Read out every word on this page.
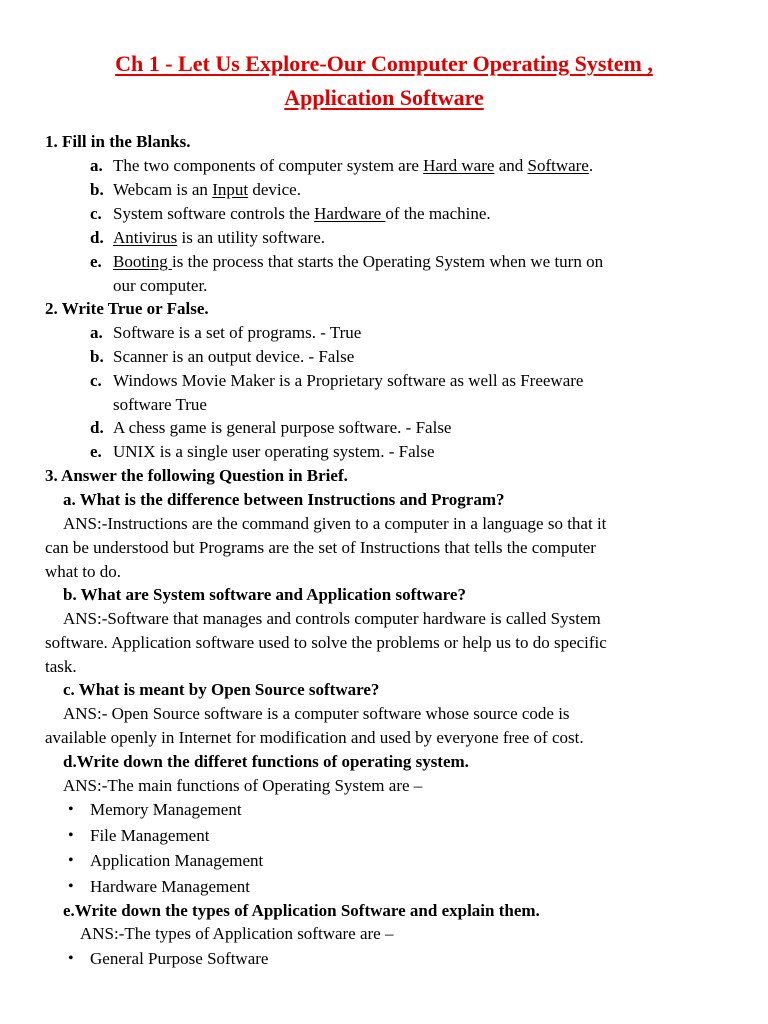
Ch 1 - Let Us Explore-Our Computer Operating System ,
Application Software
1. Fill in the Blanks.
a. The two components of computer system are Hard ware and Software.
b. Webcam is an Input device.
c. System software controls the Hardware of the machine.
d. Antivirus is an utility software.
e. Booting is the process that starts the Operating System when we turn on
our computer.
2. Write True or False.
a. Software is a set of programs. - True
b. Scanner is an output device. - False
c. Windows Movie Maker is a Proprietary software as well as Freeware
software True
d. A chess game is general purpose software. - False
e. UNIX is a single user operating system. - False
3. Answer the following Question in Brief.
a. What is the difference between Instructions and Program?
ANS:-Instructions are the command given to a computer in a language so that it
can be understood but Programs are the set of Instructions that tells the computer
what to do.
b. What are System software and Application software?
ANS:-Software that manages and controls computer hardware is called System
software. Application software used to solve the problems or help us to do specific
task.
c. What is meant by Open Source software?
ANS:- Open Source software is a computer software whose source code is
available openly in Internet for modification and used by everyone free of cost.
d.Write down the differet functions of operating system.
ANS:-The main functions of Operating System are –
• Memory Management
• File Management
• Application Management
• Hardware Management
e.Write down the types of Application Software and explain them.
ANS:-The types of Application software are –
• General Purpose Software
